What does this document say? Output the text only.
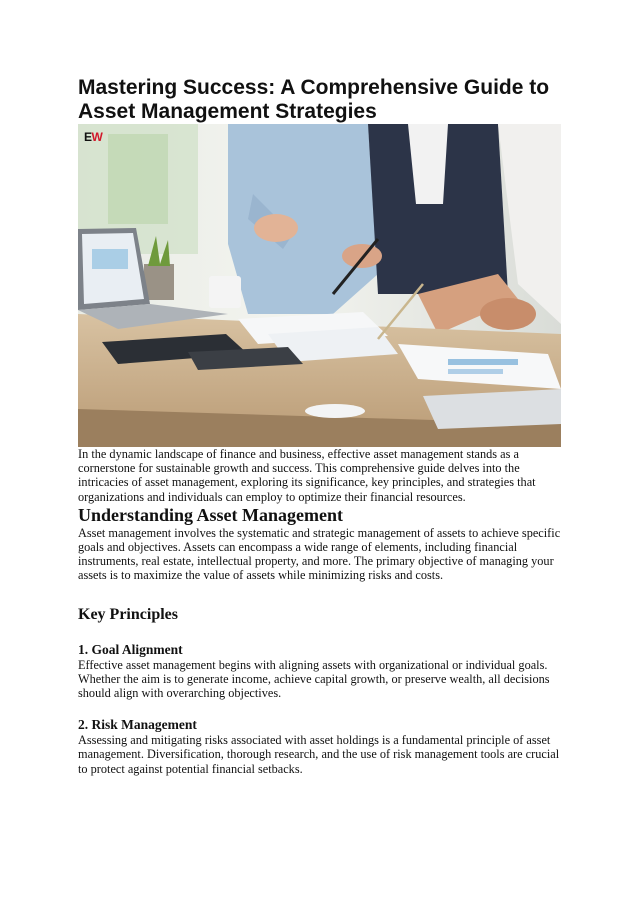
Mastering Success: A Comprehensive Guide to Asset Management Strategies
EW

In the dynamic landscape of finance and business, effective asset management stands as a cornerstone for sustainable growth and success. This comprehensive guide delves into the intricacies of asset management, exploring its significance, key principles, and strategies that organizations and individuals can employ to optimize their financial resources.

Understanding Asset Management

Asset management involves the systematic and strategic management of assets to achieve specific goals and objectives. Assets can encompass a wide range of elements, including financial instruments, real estate, intellectual property, and more. The primary objective of managing your assets is to maximize the value of assets while minimizing risks and costs.

Key Principles
1. Goal Alignment

Effective asset management begins with aligning assets with organizational or individual goals. Whether the aim is to generate income, achieve capital growth, or preserve wealth, all decisions should align with overarching objectives.

2. Risk Management

Assessing and mitigating risks associated with asset holdings is a fundamental principle of asset management. Diversification, thorough research, and the use of risk management tools are crucial to protect against potential financial setbacks.
